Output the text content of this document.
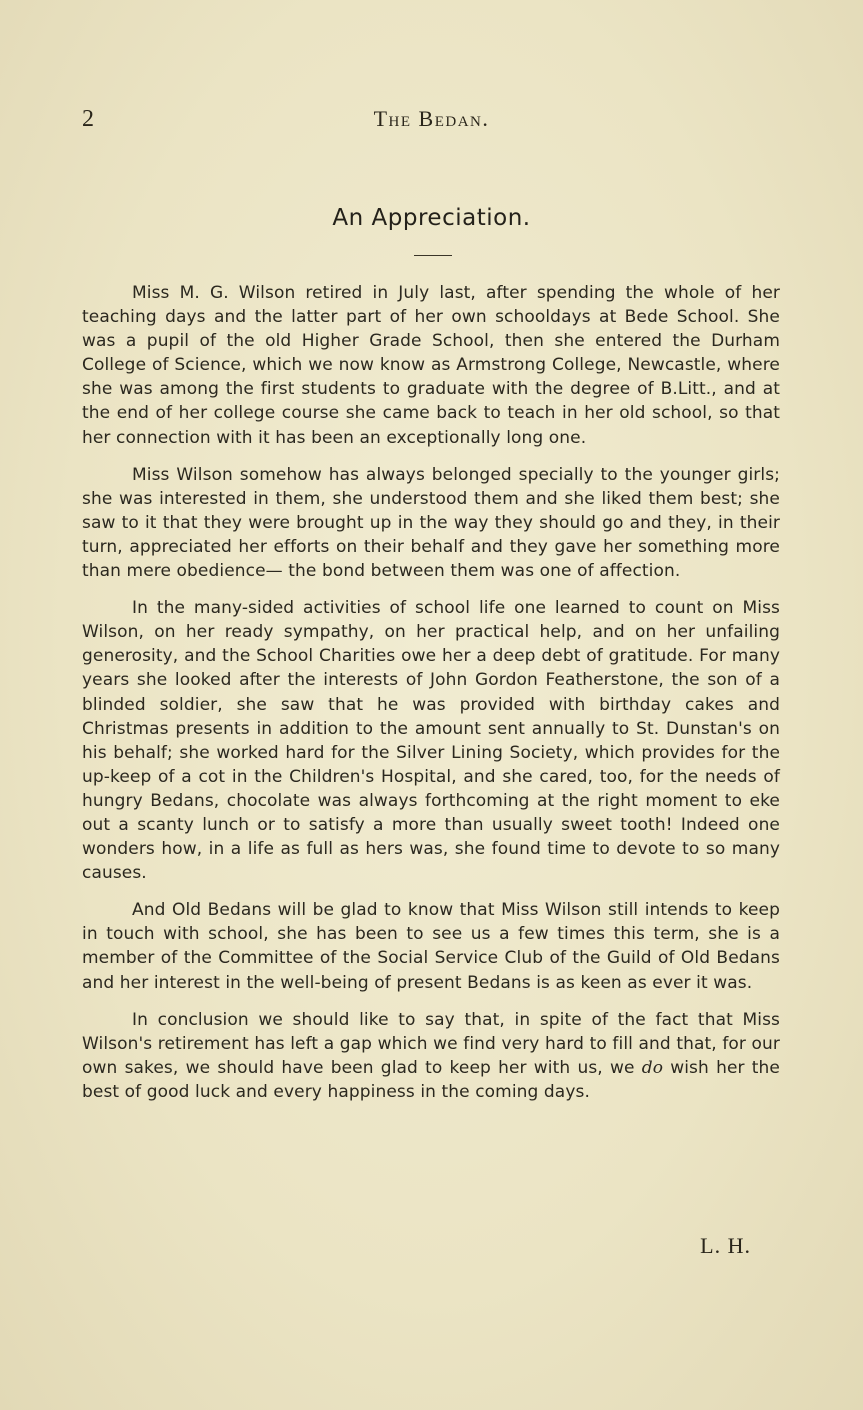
2	The Bedan.
An Appreciation.

Miss M. G. Wilson retired in July last, after spending the whole of her teaching days and the latter part of her own schooldays at Bede School. She was a pupil of the old Higher Grade School, then she entered the Durham College of Science, which we now know as Armstrong College, Newcastle, where she was among the first students to graduate with the degree of B.Litt., and at the end of her college course she came back to teach in her old school, so that her connection with it has been an exceptionally long one.

Miss Wilson somehow has always belonged specially to the younger girls; she was interested in them, she understood them and she liked them best; she saw to it that they were brought up in the way they should go and they, in their turn, appreciated her efforts on their behalf and they gave her something more than mere obedience— the bond between them was one of affection.

In the many-sided activities of school life one learned to count on Miss Wilson, on her ready sympathy, on her practical help, and on her unfailing generosity, and the School Charities owe her a deep debt of gratitude. For many years she looked after the interests of John Gordon Featherstone, the son of a blinded soldier, she saw that he was provided with birthday cakes and Christmas presents in addition to the amount sent annually to St. Dunstan's on his behalf; she worked hard for the Silver Lining Society, which provides for the up-keep of a cot in the Children's Hospital, and she cared, too, for the needs of hungry Bedans, chocolate was always forthcoming at the right moment to eke out a scanty lunch or to satisfy a more than usually sweet tooth! Indeed one wonders how, in a life as full as hers was, she found time to devote to so many causes.

And Old Bedans will be glad to know that Miss Wilson still intends to keep in touch with school, she has been to see us a few times this term, she is a member of the Committee of the Social Service Club of the Guild of Old Bedans and her interest in the well-being of present Bedans is as keen as ever it was.

In conclusion we should like to say that, in spite of the fact that Miss Wilson's retirement has left a gap which we find very hard to fill and that, for our own sakes, we should have been glad to keep her with us, we do wish her the best of good luck and every happiness in the coming days.

L. H.
